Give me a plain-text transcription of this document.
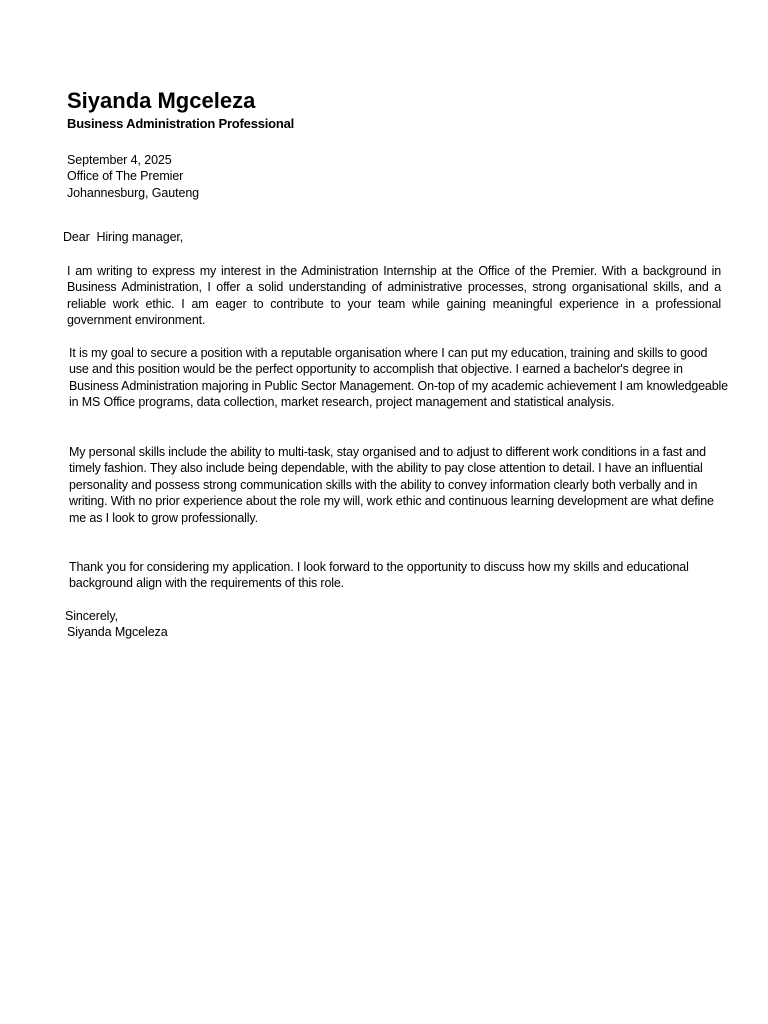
Siyanda Mgceleza
Business Administration Professional
September 4, 2025
Office of The Premier
Johannesburg, Gauteng
Dear  Hiring manager,

I am writing to express my interest in the Administration Internship at the Office of the Premier. With a background in Business Administration, I offer a solid understanding of administrative processes, strong organisational skills, and a reliable work ethic. I am eager to contribute to your team while gaining meaningful experience in a professional government environment.

It is my goal to secure a position with a reputable organisation where I can put my education, training and skills to good use and this position would be the perfect opportunity to accomplish that objective. I earned a bachelor's degree in Business Administration majoring in Public Sector Management. On-top of my academic achievement I am knowledgeable in MS Office programs, data collection, market research, project management and statistical analysis.

My personal skills include the ability to multi-task, stay organised and to adjust to different work conditions in a fast and timely fashion. They also include being dependable, with the ability to pay close attention to detail. I have an influential personality and possess strong communication skills with the ability to convey information clearly both verbally and in writing. With no prior experience about the role my will, work ethic and continuous learning development are what define me as I look to grow professionally.

Thank you for considering my application. I look forward to the opportunity to discuss how my skills and educational background align with the requirements of this role.

Sincerely,
Siyanda Mgceleza
